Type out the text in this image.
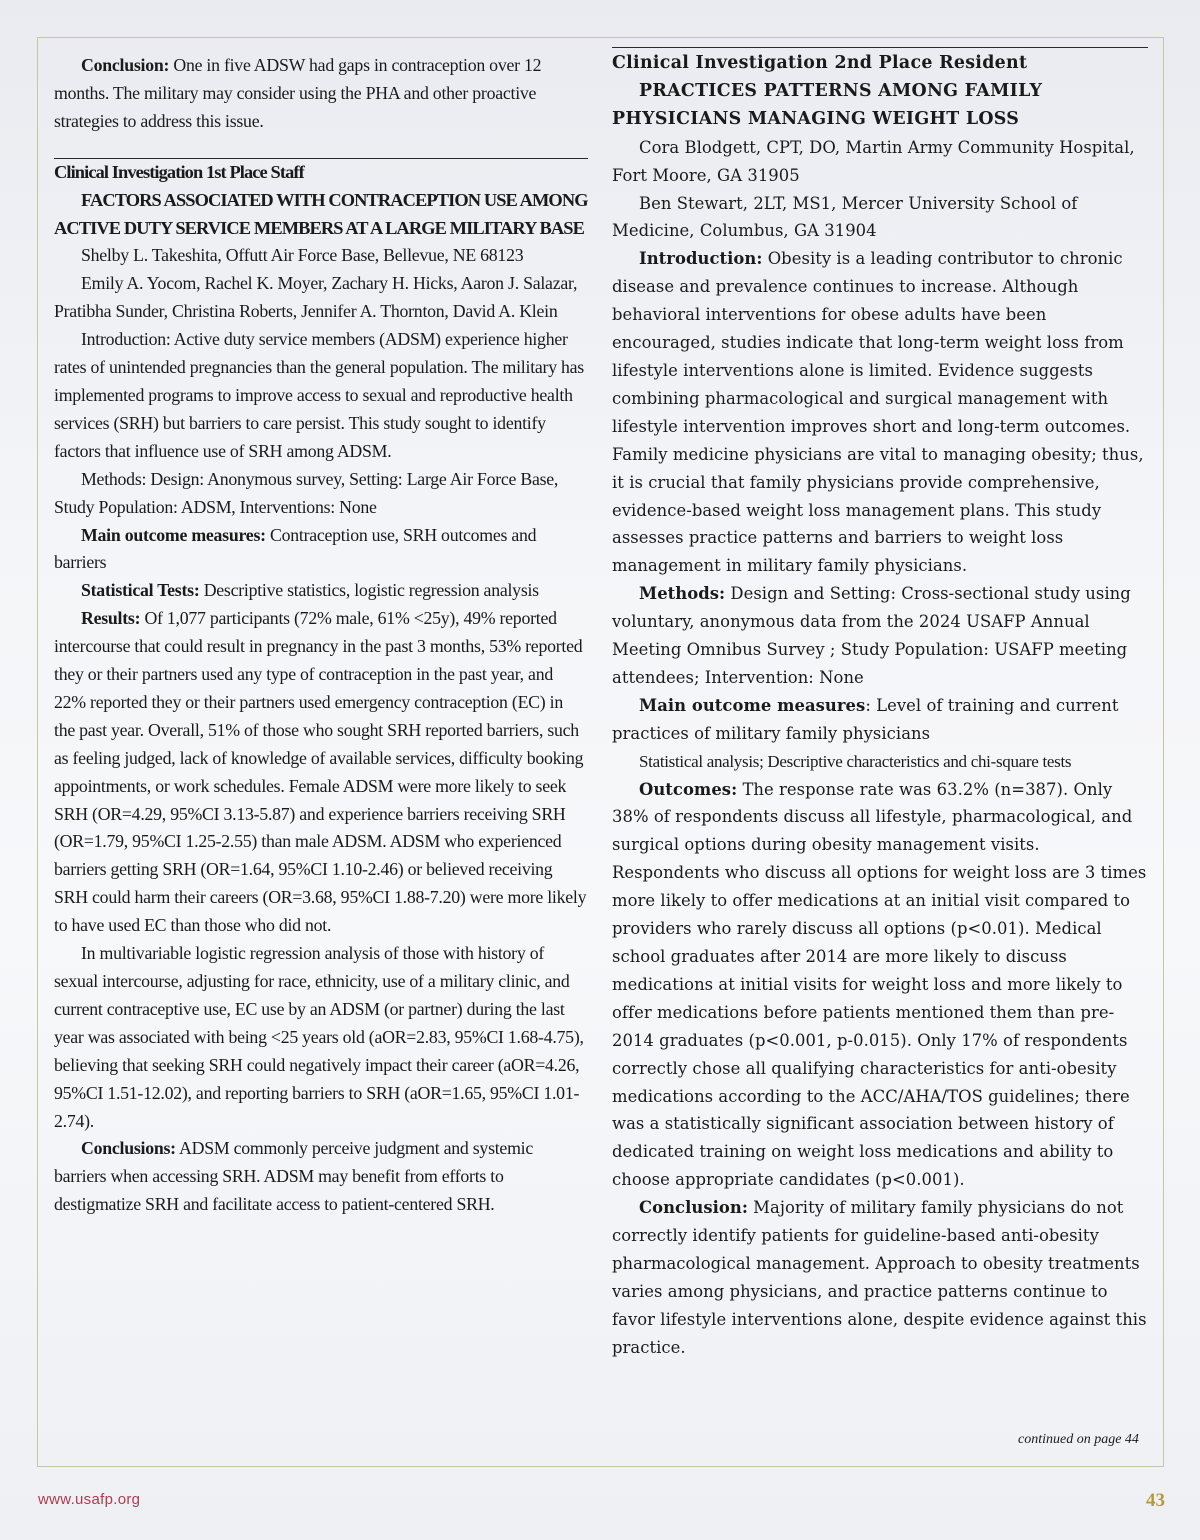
Conclusion: One in five ADSW had gaps in contraception over 12 months. The military may consider using the PHA and other proactive strategies to address this issue.

Clinical Investigation 1st Place Staff

FACTORS ASSOCIATED WITH CONTRACEPTION USE AMONG ACTIVE DUTY SERVICE MEMBERS AT A LARGE MILITARY BASE

Shelby L. Takeshita, Offutt Air Force Base, Bellevue, NE 68123

Emily A. Yocom, Rachel K. Moyer, Zachary H. Hicks, Aaron J. Salazar, Pratibha Sunder, Christina Roberts, Jennifer A. Thornton, David A. Klein

Introduction: Active duty service members (ADSM) experience higher rates of unintended pregnancies than the general population. The military has implemented programs to improve access to sexual and reproductive health services (SRH) but barriers to care persist. This study sought to identify factors that influence use of SRH among ADSM.

Methods: Design: Anonymous survey, Setting: Large Air Force Base, Study Population: ADSM, Interventions: None

Main outcome measures: Contraception use, SRH outcomes and barriers

Statistical Tests: Descriptive statistics, logistic regression analysis

Results: Of 1,077 participants (72% male, 61% <25y), 49% reported intercourse that could result in pregnancy in the past 3 months, 53% reported they or their partners used any type of contraception in the past year, and 22% reported they or their partners used emergency contraception (EC) in the past year. Overall, 51% of those who sought SRH reported barriers, such as feeling judged, lack of knowledge of available services, difficulty booking appointments, or work schedules. Female ADSM were more likely to seek SRH (OR=4.29, 95%CI 3.13-5.87) and experience barriers receiving SRH (OR=1.79, 95%CI 1.25-2.55) than male ADSM. ADSM who experienced barriers getting SRH (OR=1.64, 95%CI 1.10-2.46) or believed receiving SRH could harm their careers (OR=3.68, 95%CI 1.88-7.20) were more likely to have used EC than those who did not.

In multivariable logistic regression analysis of those with history of sexual intercourse, adjusting for race, ethnicity, use of a military clinic, and current contraceptive use, EC use by an ADSM (or partner) during the last year was associated with being <25 years old (aOR=2.83, 95%CI 1.68-4.75), believing that seeking SRH could negatively impact their career (aOR=4.26, 95%CI 1.51-12.02), and reporting barriers to SRH (aOR=1.65, 95%CI 1.01-2.74).

Conclusions: ADSM commonly perceive judgment and systemic barriers when accessing SRH. ADSM may benefit from efforts to destigmatize SRH and facilitate access to patient-centered SRH.

Clinical Investigation 2nd Place Resident

PRACTICES PATTERNS AMONG FAMILY PHYSICIANS MANAGING WEIGHT LOSS

Cora Blodgett, CPT, DO, Martin Army Community Hospital, Fort Moore, GA 31905

Ben Stewart, 2LT, MS1, Mercer University School of Medicine, Columbus, GA 31904

Introduction: Obesity is a leading contributor to chronic disease and prevalence continues to increase. Although behavioral interventions for obese adults have been encouraged, studies indicate that long-term weight loss from lifestyle interventions alone is limited. Evidence suggests combining pharmacological and surgical management with lifestyle intervention improves short and long-term outcomes. Family medicine physicians are vital to managing obesity; thus, it is crucial that family physicians provide comprehensive, evidence-based weight loss management plans. This study assesses practice patterns and barriers to weight loss management in military family physicians.

Methods: Design and Setting: Cross-sectional study using voluntary, anonymous data from the 2024 USAFP Annual Meeting Omnibus Survey ; Study Population: USAFP meeting attendees; Intervention: None

Main outcome measures: Level of training and current practices of military family physicians

Statistical analysis; Descriptive characteristics and chi-square tests

Outcomes: The response rate was 63.2% (n=387). Only 38% of respondents discuss all lifestyle, pharmacological, and surgical options during obesity management visits. Respondents who discuss all options for weight loss are 3 times more likely to offer medications at an initial visit compared to providers who rarely discuss all options (p<0.01). Medical school graduates after 2014 are more likely to discuss medications at initial visits for weight loss and more likely to offer medications before patients mentioned them than pre-2014 graduates (p<0.001, p-0.015). Only 17% of respondents correctly chose all qualifying characteristics for anti-obesity medications according to the ACC/AHA/TOS guidelines; there was a statistically significant association between history of dedicated training on weight loss medications and ability to choose appropriate candidates (p<0.001).

Conclusion: Majority of military family physicians do not correctly identify patients for guideline-based anti-obesity pharmacological management. Approach to obesity treatments varies among physicians, and practice patterns continue to favor lifestyle interventions alone, despite evidence against this practice.

continued on page 44
www.usafp.org	43
